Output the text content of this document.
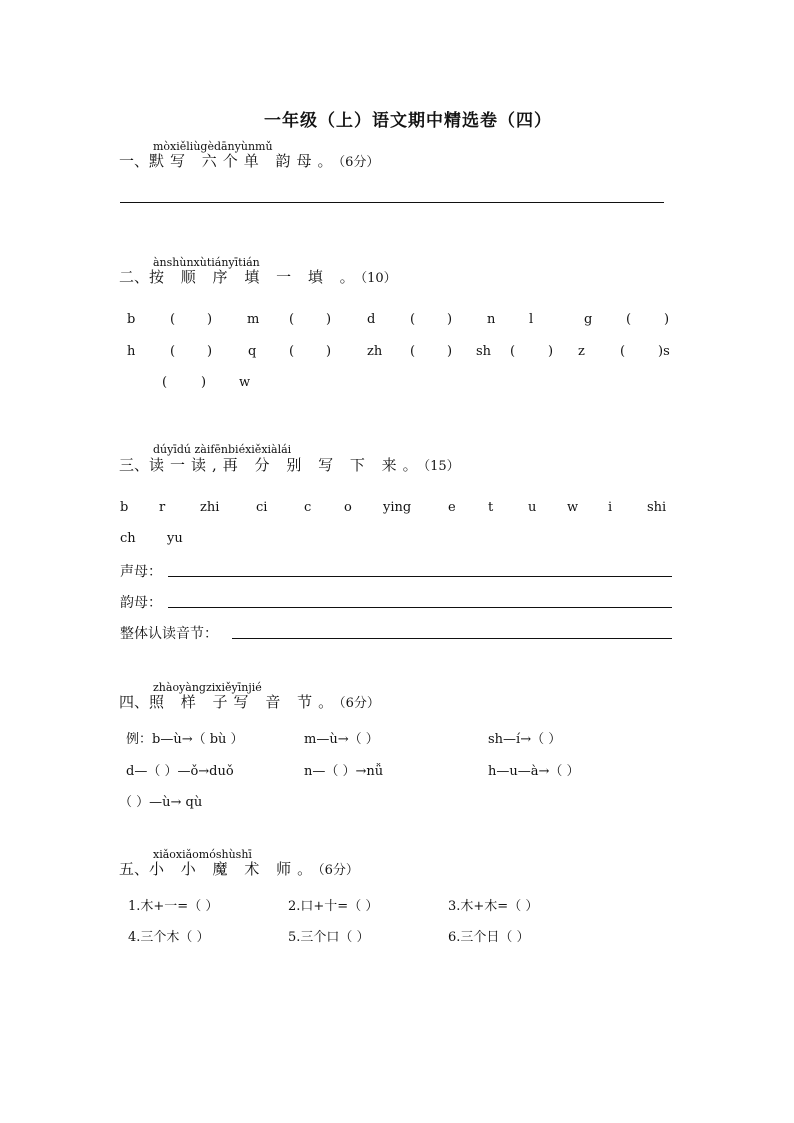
一年级（上）语文期中精选卷（四）
mòxiěliùgèdānyùnmǔ
一、默写 六个单 韵母。（6分）
ànshùnxùtiányītián
二、按 顺 序 填 一 填 。（10）
b	( )	m ( )	d	( )	n	l	g	(	)
h	( )	q	( )	zh ( ) sh (	) z	(	)s
(	)	w
dúyīdú zàifēnbiéxiěxiàlái
三、读一读,再 分 别 写 下 来。（15）
b r	zhi	ci	c	o ying	e t	u w i	shi
ch yu
声母：
韵母：
整体认读音节：
zhàoyàngzixiěyīnjié
四、照 样 子写 音 节。（6分）
例：b—ù→（ bù ）	m—ù→（ ）	sh—í→（ ）
d—（ ）—ǒ→duǒ	n—（ ）→nǚ	h—u—à→（ ）
（ ）—ù→ qù
xiǎoxiǎomóshùshī
五、小 小 魔 术 师。（6分）
1.木+一=（ ）	2.口+十=（ ）	3.木+木=（ ）
4.三个木（ ）	5.三个口（ ）	6.三个日（ ）
